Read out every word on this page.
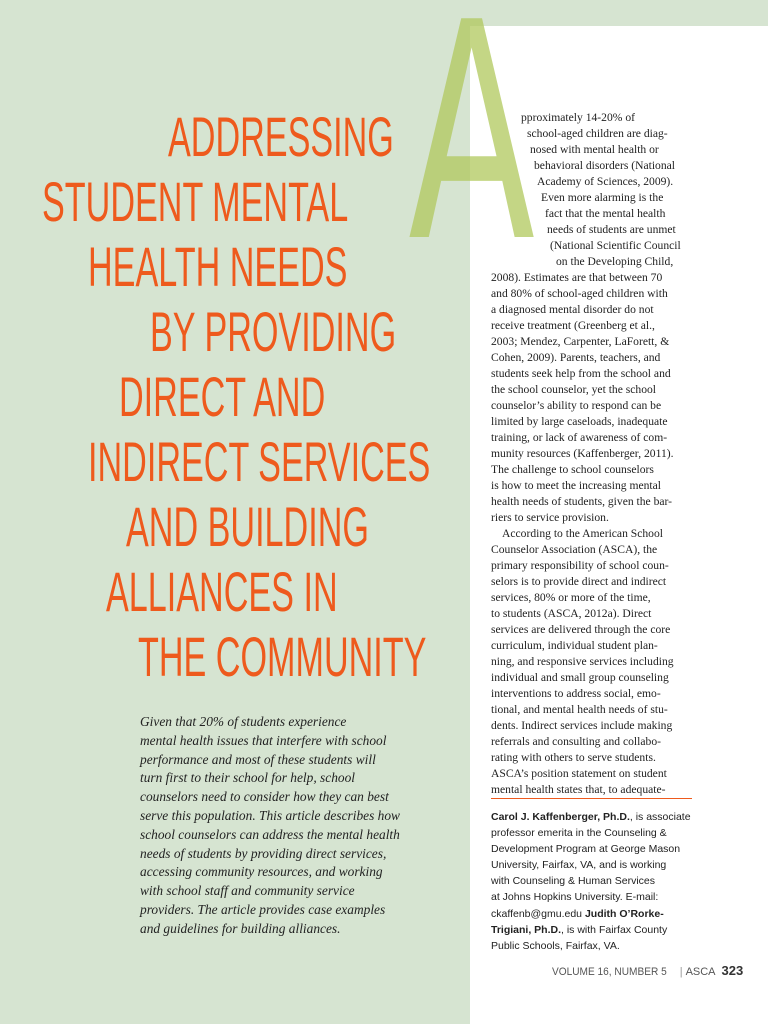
A
ADDRESSING
STUDENT MENTAL
HEALTH NEEDS
BY PROVIDING
DIRECT AND
INDIRECT SERVICES
AND BUILDING
ALLIANCES IN
THE COMMUNITY

Given that 20% of students experience
mental health issues that interfere with school
performance and most of these students will
turn first to their school for help, school
counselors need to consider how they can best
serve this population. This article describes how
school counselors can address the mental health
needs of students by providing direct services,
accessing community resources, and working
with school staff and community service
providers. The article provides case examples
and guidelines for building alliances.

pproximately 14-20% of
school-aged children are diag-
nosed with mental health or
behavioral disorders (National
Academy of Sciences, 2009).
Even more alarming is the
fact that the mental health
needs of students are unmet
(National Scientific Council
on the Developing Child,
2008). Estimates are that between 70
and 80% of school-aged children with
a diagnosed mental disorder do not
receive treatment (Greenberg et al.,
2003; Mendez, Carpenter, LaForett, &
Cohen, 2009). Parents, teachers, and
students seek help from the school and
the school counselor, yet the school
counselor’s ability to respond can be
limited by large caseloads, inadequate
training, or lack of awareness of com-
munity resources (Kaffenberger, 2011).
The challenge to school counselors
is how to meet the increasing mental
health needs of students, given the bar-
riers to service provision.
According to the American School
Counselor Association (ASCA), the
primary responsibility of school coun-
selors is to provide direct and indirect
services, 80% or more of the time,
to students (ASCA, 2012a). Direct
services are delivered through the core
curriculum, individual student plan-
ning, and responsive services including
individual and small group counseling
interventions to address social, emo-
tional, and mental health needs of stu-
dents. Indirect services include making
referrals and consulting and collabo-
rating with others to serve students.
ASCA’s position statement on student
mental health states that, to adequate-

Carol J. Kaffenberger, Ph.D., is associate
professor emerita in the Counseling &
Development Program at George Mason
University, Fairfax, VA, and is working
with Counseling & Human Services
at Johns Hopkins University. E-mail:
ckaffenb@gmu.edu Judith O’Rorke-
Trigiani, Ph.D., is with Fairfax County
Public Schools, Fairfax, VA.

VOLUME 16, NUMBER 5 | ASCA 323
